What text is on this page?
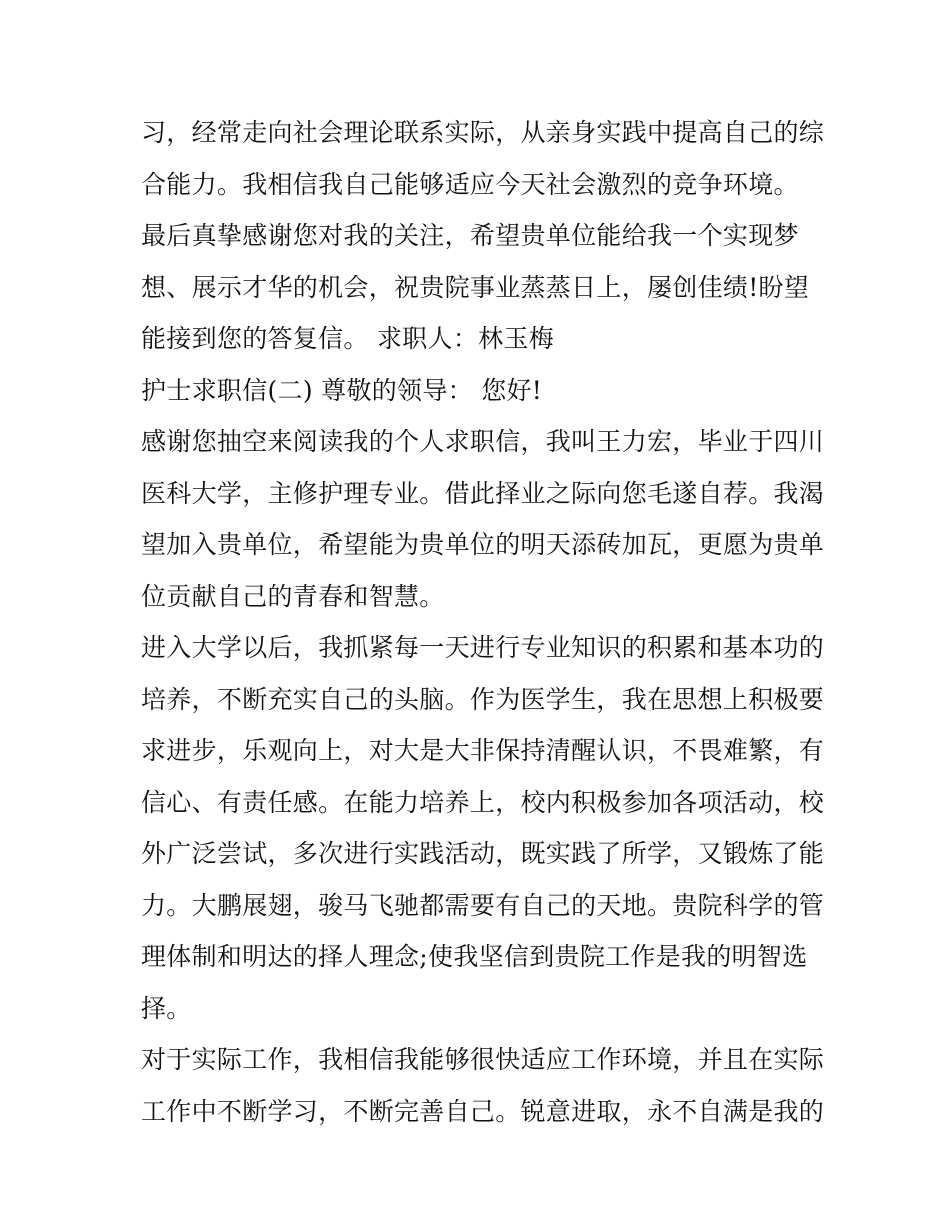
习，经常走向社会理论联系实际，从亲身实践中提高自己的综
合能力。我相信我自己能够适应今天社会激烈的竞争环境。
最后真挚感谢您对我的关注，希望贵单位能给我一个实现梦
想、展示才华的机会，祝贵院事业蒸蒸日上，屡创佳绩!盼望
能接到您的答复信。 求职人：林玉梅
护士求职信(二) 尊敬的领导： 您好!
感谢您抽空来阅读我的个人求职信，我叫王力宏，毕业于四川
医科大学，主修护理专业。借此择业之际向您毛遂自荐。我渴
望加入贵单位，希望能为贵单位的明天添砖加瓦，更愿为贵单
位贡献自己的青春和智慧。
进入大学以后，我抓紧每一天进行专业知识的积累和基本功的
培养，不断充实自己的头脑。作为医学生，我在思想上积极要
求进步，乐观向上，对大是大非保持清醒认识，不畏难繁，有
信心、有责任感。在能力培养上，校内积极参加各项活动，校
外广泛尝试，多次进行实践活动，既实践了所学，又锻炼了能
力。大鹏展翅，骏马飞驰都需要有自己的天地。贵院科学的管
理体制和明达的择人理念;使我坚信到贵院工作是我的明智选
择。
对于实际工作，我相信我能够很快适应工作环境，并且在实际
工作中不断学习，不断完善自己。锐意进取，永不自满是我的
